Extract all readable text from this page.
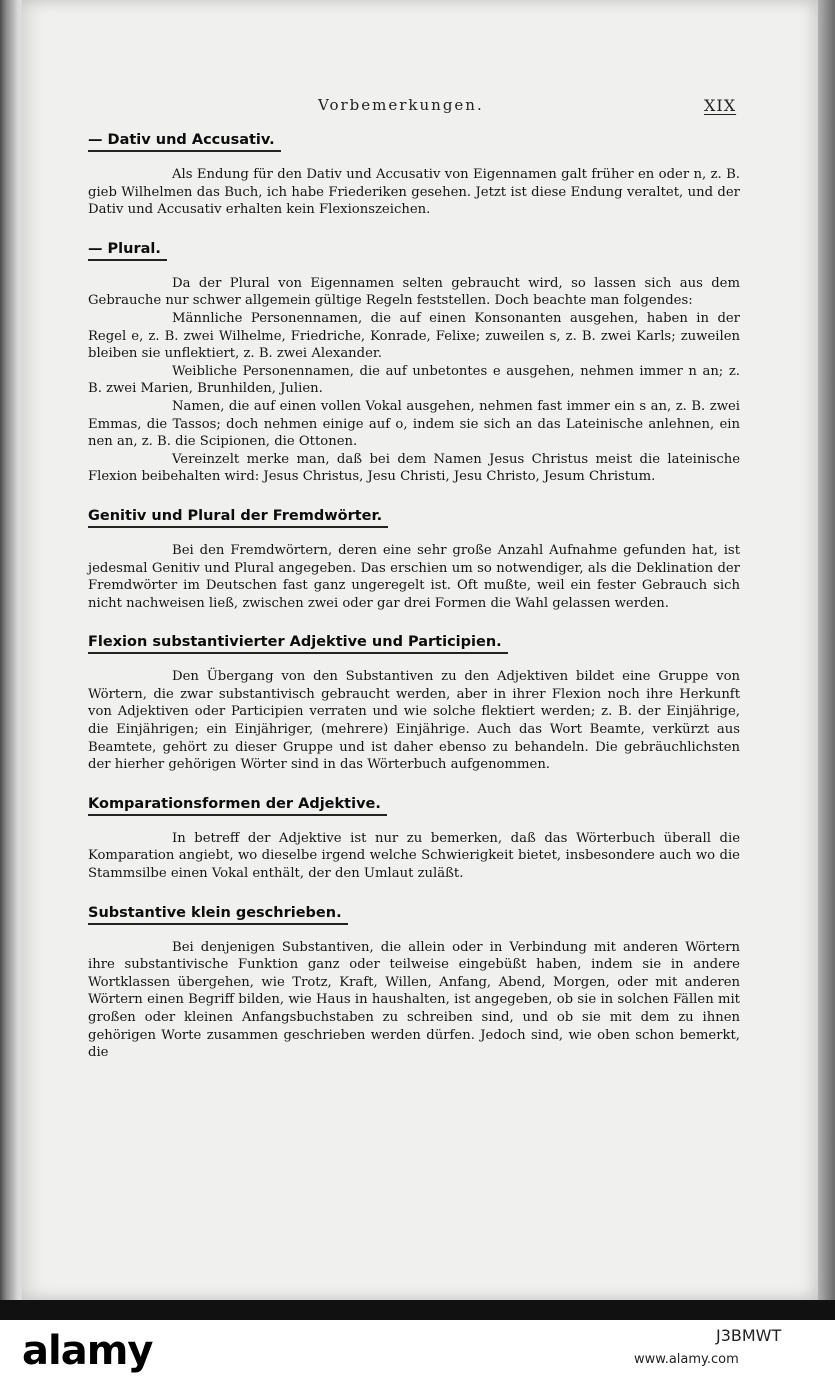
Vorbemerkungen.	XIX
— Dativ und Accusativ.

Als Endung für den Dativ und Accusativ von Eigennamen galt früher en oder n, z. B. gieb Wilhelmen das Buch, ich habe Friederiken gesehen. Jetzt ist diese Endung veraltet, und der Dativ und Accusativ erhalten kein Flexionszeichen.

— Plural.

Da der Plural von Eigennamen selten gebraucht wird, so lassen sich aus dem Gebrauche nur schwer allgemein gültige Regeln feststellen. Doch beachte man folgendes:

Männliche Personennamen, die auf einen Konsonanten ausgehen, haben in der Regel e, z. B. zwei Wilhelme, Friedriche, Konrade, Felixe; zuweilen s, z. B. zwei Karls; zuweilen bleiben sie unflektiert, z. B. zwei Alexander.

Weibliche Personennamen, die auf unbetontes e ausgehen, nehmen immer n an; z. B. zwei Marien, Brunhilden, Julien.

Namen, die auf einen vollen Vokal ausgehen, nehmen fast immer ein s an, z. B. zwei Emmas, die Tassos; doch nehmen einige auf o, indem sie sich an das Lateinische anlehnen, ein nen an, z. B. die Scipionen, die Ottonen.

Vereinzelt merke man, daß bei dem Namen Jesus Christus meist die lateinische Flexion beibehalten wird: Jesus Christus, Jesu Christi, Jesu Christo, Jesum Christum.

Genitiv und Plural der Fremdwörter.

Bei den Fremdwörtern, deren eine sehr große Anzahl Aufnahme gefunden hat, ist jedesmal Genitiv und Plural angegeben. Das erschien um so notwendiger, als die Deklination der Fremdwörter im Deutschen fast ganz ungeregelt ist. Oft mußte, weil ein fester Gebrauch sich nicht nachweisen ließ, zwischen zwei oder gar drei Formen die Wahl gelassen werden.

Flexion substantivierter Adjektive und Participien.

Den Übergang von den Substantiven zu den Adjektiven bildet eine Gruppe von Wörtern, die zwar substantivisch gebraucht werden, aber in ihrer Flexion noch ihre Herkunft von Adjektiven oder Participien verraten und wie solche flektiert werden; z. B. der Einjährige, die Einjährigen; ein Einjähriger, (mehrere) Einjährige. Auch das Wort Beamte, verkürzt aus Beamtete, gehört zu dieser Gruppe und ist daher ebenso zu behandeln. Die gebräuchlichsten der hierher gehörigen Wörter sind in das Wörterbuch aufgenommen.

Komparationsformen der Adjektive.

In betreff der Adjektive ist nur zu bemerken, daß das Wörterbuch überall die Komparation angiebt, wo dieselbe irgend welche Schwierigkeit bietet, insbesondere auch wo die Stammsilbe einen Vokal enthält, der den Umlaut zuläßt.

Substantive klein geschrieben.

Bei denjenigen Substantiven, die allein oder in Verbindung mit anderen Wörtern ihre substantivische Funktion ganz oder teilweise eingebüßt haben, indem sie in andere Wortklassen übergehen, wie Trotz, Kraft, Willen, Anfang, Abend, Morgen, oder mit anderen Wörtern einen Begriff bilden, wie Haus in haushalten, ist angegeben, ob sie in solchen Fällen mit großen oder kleinen Anfangsbuchstaben zu schreiben sind, und ob sie mit dem zu ihnen gehörigen Worte zusammen geschrieben werden dürfen. Jedoch sind, wie oben schon bemerkt, die

alamy	J3BMWT
www.alamy.com
